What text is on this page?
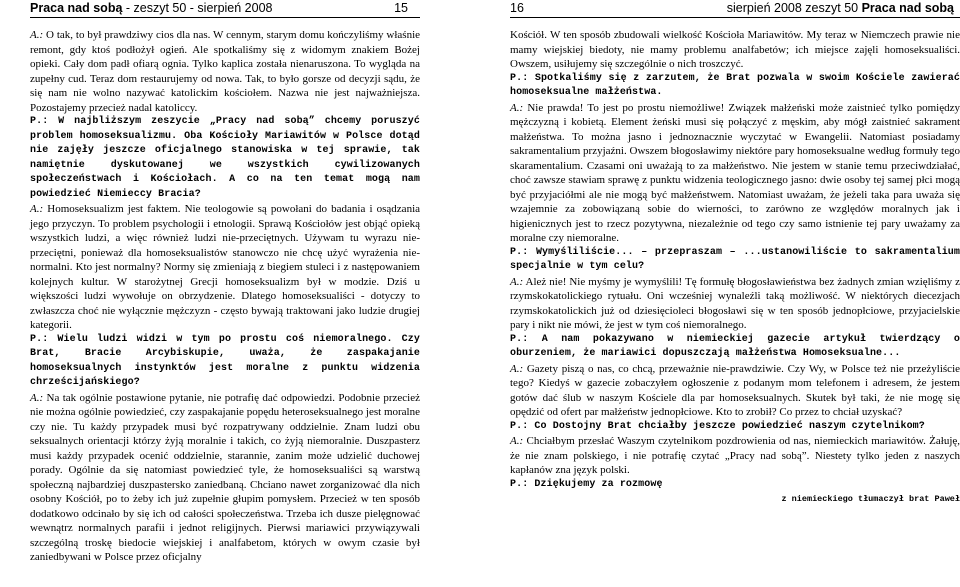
Praca nad sobą - zeszyt 50 - sierpień 2008	15

A.: O tak, to był prawdziwy cios dla nas. W cennym, starym domu kończyliśmy właśnie remont, gdy ktoś podłożył ogień. Ale spotkaliśmy się z widomym znakiem Bożej opieki. Cały dom padł ofiarą ognia. Tylko kaplica została nienaruszona. To wygląda na zupełny cud. Teraz dom restaurujemy od nowa. Tak, to było gorsze od decyzji sądu, że się nam nie wolno nazywać katolickim kościołem. Nazwa nie jest najważniejsza. Pozostajemy przecież nadal katoliccy.

P.: W najbliższym zeszycie „Pracy nad sobą” chcemy poruszyć problem homoseksualizmu. Oba Kościoły Mariawitów w Polsce dotąd nie zajęły jeszcze oficjalnego stanowiska w tej sprawie, tak namiętnie dyskutowanej we wszystkich cywilizowanych społeczeństwach i Kościołach. A co na ten temat mogą nam powiedzieć Niemieccy Bracia?

A.: Homoseksualizm jest faktem. Nie teologowie są powołani do badania i osądzania jego przyczyn. To problem psychologii i etnologii. Sprawą Kościołów jest objąć opieką wszystkich ludzi, a więc również ludzi nie-przeciętnych. Używam tu wyrazu nie-przeciętni, ponieważ dla homoseksualistów stanowczo nie chcę użyć wyrażenia nie-normalni. Kto jest normalny? Normy się zmieniają z biegiem stuleci i z następowaniem kolejnych kultur. W starożytnej Grecji homoseksualizm był w modzie. Dziś u większości ludzi wywołuje on obrzydzenie. Dlatego homoseksualiści - dotyczy to zwłaszcza choć nie wyłącznie mężczyzn - często bywają traktowani jako ludzie drugiej kategorii.

P.: Wielu ludzi widzi w tym po prostu coś niemoralnego. Czy Brat, Bracie Arcybiskupie, uważa, że zaspakajanie homoseksualnych instynktów jest moralne z punktu widzenia chrześcijańskiego?

A.: Na tak ogólnie postawione pytanie, nie potrafię dać odpowiedzi. Podobnie przecież nie można ogólnie powiedzieć, czy zaspakajanie popędu heteroseksualnego jest moralne czy nie. Tu każdy przypadek musi być rozpatrywany oddzielnie. Znam ludzi obu seksualnych orientacji którzy żyją moralnie i takich, co żyją niemoralnie. Duszpasterz musi każdy przypadek ocenić oddzielnie, starannie, zanim może udzielić duchowej porady. Ogólnie da się natomiast powiedzieć tyle, że homoseksualiści są warstwą społeczną najbardziej duszpastersko zaniedbaną. Chciano nawet zorganizować dla nich osobny Kościół, po to żeby ich już zupełnie głupim pomysłem. Przecież w ten sposób dodatkowo odcinało by się ich od całości społeczeństwa. Trzeba ich dusze pielęgnować wewnątrz normalnych parafii i jednot religijnych. Pierwsi mariawici przywiązywali szczególną troskę biedocie wiejskiej i analfabetom, których w owym czasie był zaniedbywani w Polsce przez oficjalny

16	sierpień 2008 zeszyt 50 Praca nad sobą

Kościół. W ten sposób zbudowali wielkość Kościoła Mariawitów. My teraz w Niemczech prawie nie mamy wiejskiej biedoty, nie mamy problemu analfabetów; ich miejsce zajęli homoseksualiści. Owszem, usiłujemy się szczególnie o nich troszczyć.

P.: Spotkaliśmy się z zarzutem, że Brat pozwala w swoim Kościele zawierać homoseksualne małżeństwa.

A.: Nie prawda! To jest po prostu niemożliwe! Związek małżeński może zaistnieć tylko pomiędzy mężczyzną i kobietą. Element żeński musi się połączyć z męskim, aby mógł zaistnieć sakrament małżeństwa. To można jasno i jednoznacznie wyczytać w Ewangelii. Natomiast posiadamy sakramentalium przyjaźni. Owszem błogosławimy niektóre pary homoseksualne według formuły tego skaramentalium. Czasami oni uważają to za małżeństwo. Nie jestem w stanie temu przeciwdziałać, choć zawsze stawiam sprawę z punktu widzenia teologicznego jasno: dwie osoby tej samej płci mogą być przyjaciółmi ale nie mogą być małżeństwem. Natomiast uważam, że jeżeli taka para uważa się wzajemnie za zobowiązaną sobie do wierności, to zarówno ze względów moralnych jak i higienicznych jest to rzecz pozytywna, niezależnie od tego czy samo istnienie tej pary uważamy za moralne czy niemoralne.

P.: Wymyśliliście... – przepraszam – ...ustanowiliście to sakramentalium specjalnie w tym celu?

A.: Ależ nie! Nie myśmy je wymyślili! Tę formułę błogosławieństwa bez żadnych zmian wzięliśmy z rzymskokatolickiego rytuału. Oni wcześniej wynaleźli taką możliwość. W niektórych diecezjach rzymskokatolickich już od dziesięcioleci błogosławi się w ten sposób jednopłciowe, przyjacielskie pary i nikt nie mówi, że jest w tym coś niemoralnego.

P.: A nam pokazywano w niemieckiej gazecie artykuł twierdzący o oburzeniem, że mariawici dopuszczają małżeństwa Homoseksualne...

A.: Gazety piszą o nas, co chcą, przeważnie nie-prawdziwie. Czy Wy, w Polsce też nie przeżyliście tego? Kiedyś w gazecie zobaczyłem ogłoszenie z podanym mom telefonem i adresem, że jestem gotów dać ślub w naszym Kościele dla par homoseksualnych. Skutek był taki, że nie mogę się opędzić od ofert par małżeństw jednopłciowe. Kto to zrobił? Co przez to chciał uzyskać?

P.: Co Dostojny Brat chciałby jeszcze powiedzieć naszym czytelnikom?

A.: Chciałbym przesłać Waszym czytelnikom pozdrowienia od nas, niemieckich mariawitów. Żałuję, że nie znam polskiego, i nie potrafię czytać „Pracy nad sobą”. Niestety tylko jeden z naszych kapłanów zna język polski.

P.: Dziękujemy za rozmowę

z niemieckiego tłumaczył brat Paweł
